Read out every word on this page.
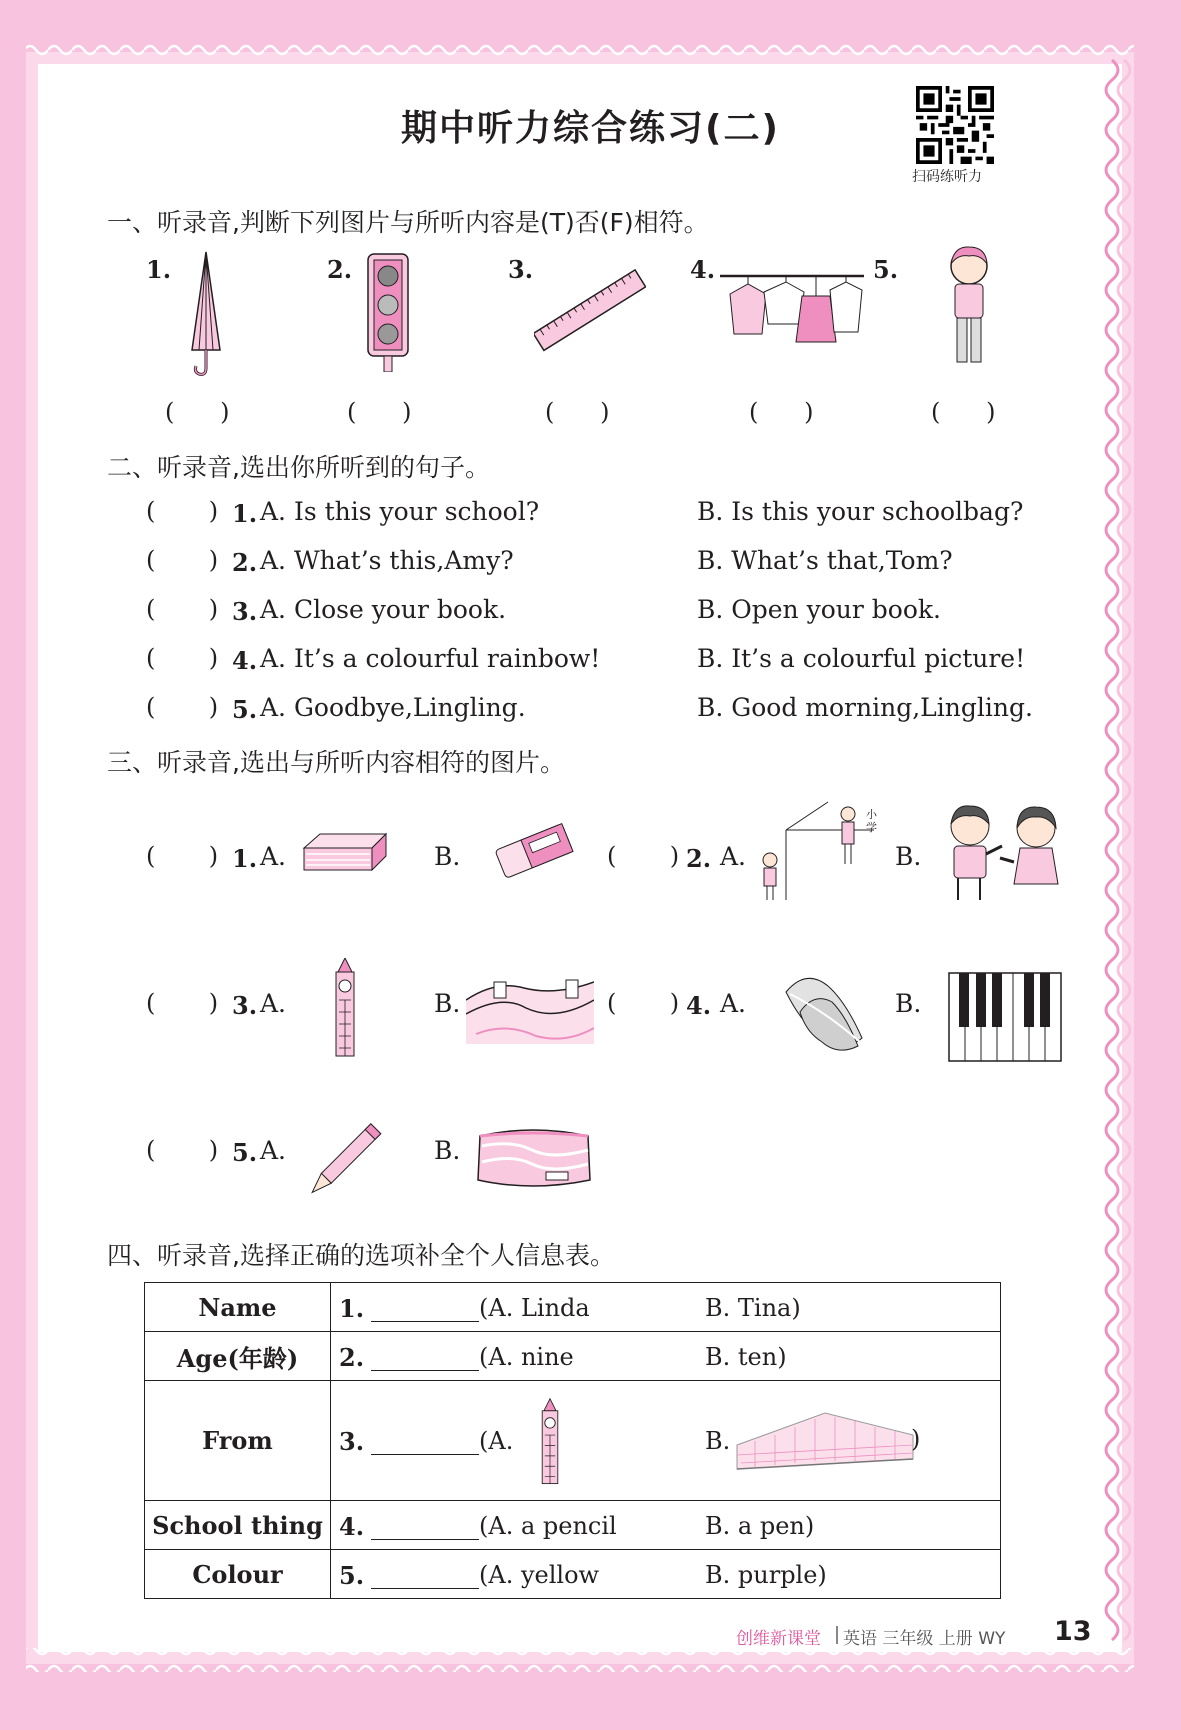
期中听力综合练习(二)
扫码练听力
一、听录音,判断下列图片与所听内容是(T)否(F)相符。
1.	2.	3.	4.	5.
(      )	(      )	(      )	(      )	(      )
二、听录音,选出你所听到的句子。
(       ) 1. A. Is this your school?	B. Is this your schoolbag?
(       ) 2. A. What’s this,Amy?	B. What’s that,Tom?
(       ) 3. A. Close your book.	B. Open your book.
(       ) 4. A. It’s a colourful rainbow!	B. It’s a colourful picture!
(       ) 5. A. Goodbye,Lingling.	B. Good morning,Lingling.
三、听录音,选出与所听内容相符的图片。
(       ) 1. A.	B.	(       ) 2. A.
小学
B.
(       ) 3. A.	B.	(       ) 4. A.	B.
(       ) 5. A.	B.
四、听录音,选择正确的选项补全个人信息表。
Name	1. (A. Linda B. Tina)

Age(年龄)	2. (A. nine B. ten)

From	3. (A. B. )

School thing	4. (A. a pencil B. a pen)

Colour	5. (A. yellow B. purple)
创维新课堂 英语 三年级 上册 WY 13
